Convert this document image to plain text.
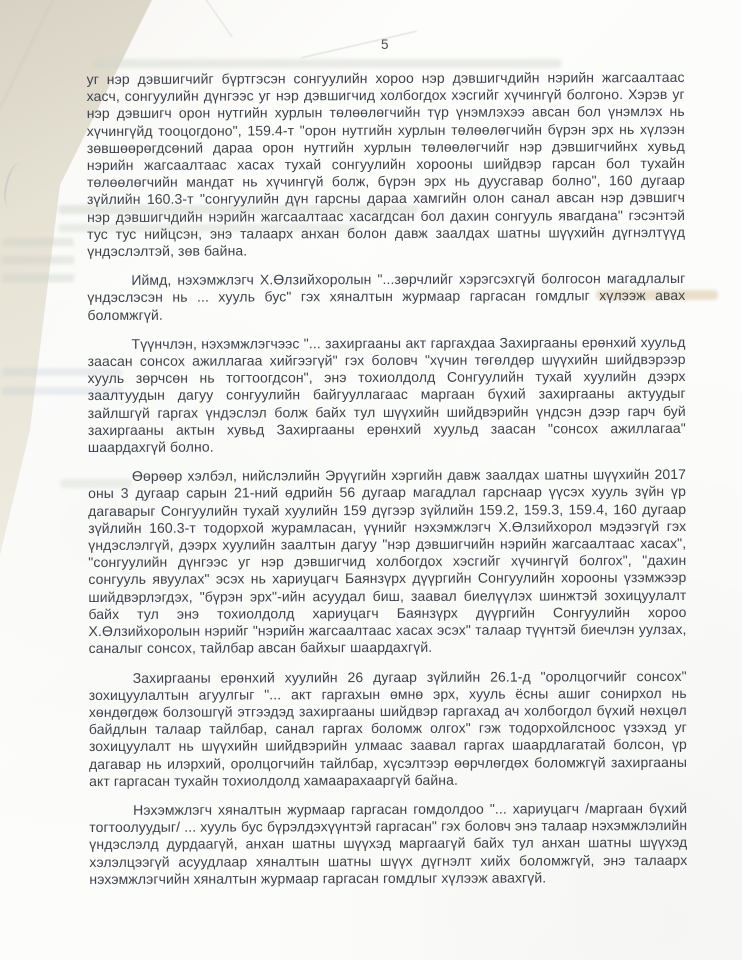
5

уг нэр дэвшигчийг бүртгэсэн сонгуулийн хороо нэр дэвшигчдийн нэрийн жагсаалтаас хасч, сонгуулийн дүнгээс уг нэр дэвшигчид холбогдох хэсгийг хүчингүй болгоно. Хэрэв уг нэр дэвшигч орон нутгийн хурлын төлөөлөгчийн түр үнэмлэхээ авсан бол үнэмлэх нь хүчингүйд тооцогдоно", 159.4-т "орон нутгийн хурлын төлөөлөгчийн бүрэн эрх нь хүлээн зөвшөөрөгдсөний дараа орон нутгийн хурлын төлөөлөгчийг нэр дэвшигчийнх хувьд нэрийн жагсаалтаас хасах тухай сонгуулийн хорооны шийдвэр гарсан бол тухайн төлөөлөгчийн мандат нь хүчингүй болж, бүрэн эрх нь дуусгавар болно", 160 дугаар зүйлийн 160.3-т "сонгуулийн дүн гарсны дараа хамгийн олон санал авсан нэр дэвшигч нэр дэвшигчдийн нэрийн жагсаалтаас хасагдсан бол дахин сонгууль явагдана" гэсэнтэй тус тус нийцсэн, энэ талаарх анхан болон давж заалдах шатны шүүхийн дүгнэлтүүд үндэслэлтэй, зөв байна.

Иймд, нэхэмжлэгч Х.Өлзийхоролын "...зөрчлийг хэрэгсэхгүй болгосон магадлалыг үндэслэсэн нь ... хууль бус" гэх хяналтын журмаар гаргасан гомдлыг хүлээж авах боломжгүй.

Түүнчлэн, нэхэмжлэгчээс "... захиргааны акт гаргахдаа Захиргааны ерөнхий хуульд заасан сонсох ажиллагаа хийгээгүй" гэх боловч "хүчин төгөлдөр шүүхийн шийдвэрээр хууль зөрчсөн нь тогтоогдсон", энэ тохиолдолд Сонгуулийн тухай хуулийн дээрх заалтуудын дагуу сонгуулийн байгууллагаас маргаан бүхий захиргааны актуудыг зайлшгүй гаргах үндэслэл болж байх тул шүүхийн шийдвэрийн үндсэн дээр гарч буй захиргааны актын хувьд Захиргааны ерөнхий хуульд заасан "сонсох ажиллагаа" шаардахгүй болно.

Өөрөөр хэлбэл, нийслэлийн Эрүүгийн хэргийн давж заалдах шатны шүүхийн 2017 оны 3 дугаар сарын 21-ний өдрийн 56 дугаар магадлал гарснаар үүсэх хууль зүйн үр дагаварыг Сонгуулийн тухай хуулийн 159 дүгээр зүйлийн 159.2, 159.3, 159.4, 160 дугаар зүйлийн 160.3-т тодорхой журамласан, үүнийг нэхэмжлэгч Х.Өлзийхорол мэдээгүй гэх үндэслэлгүй, дээрх хуулийн заалтын дагуу "нэр дэвшигчийн нэрийн жагсаалтаас хасах", "сонгуулийн дүнгээс уг нэр дэвшигчид холбогдох хэсгийг хүчингүй болгох", "дахин сонгууль явуулах" эсэх нь хариуцагч Баянзүрх дүүргийн Сонгуулийн хорооны үзэмжээр шийдвэрлэгдэх, "бүрэн эрх"-ийн асуудал биш, заавал биелүүлэх шинжтэй зохицуулалт байх тул энэ тохиолдолд хариуцагч Баянзүрх дүүргийн Сонгуулийн хороо Х.Өлзийхоролын нэрийг "нэрийн жагсаалтаас хасах эсэх" талаар түүнтэй биечлэн уулзах, саналыг сонсох, тайлбар авсан байхыг шаардахгүй.

Захиргааны ерөнхий хуулийн 26 дугаар зүйлийн 26.1-д "оролцогчийг сонсох" зохицуулалтын агуулгыг "... акт гаргахын өмнө эрх, хууль ёсны ашиг сонирхол нь хөндөгдөж болзошгүй этгээдэд захиргааны шийдвэр гаргахад ач холбогдол бүхий нөхцөл байдлын талаар тайлбар, санал гаргах боломж олгох" гэж тодорхойлсноос үзэхэд уг зохицуулалт нь шүүхийн шийдвэрийн улмаас заавал гаргах шаардлагатай болсон, үр дагавар нь илэрхий, оролцогчийн тайлбар, хүсэлтээр өөрчлөгдөх боломжгүй захиргааны акт гаргасан тухайн тохиолдолд хамаарахааргүй байна.

Нэхэмжлэгч хяналтын журмаар гаргасан гомдолдоо "... хариуцагч /маргаан бүхий тогтоолуудыг/ ... хууль бус бүрэлдэхүүнтэй гаргасан" гэх боловч энэ талаар нэхэмжлэлийн үндэслэлд дурдаагүй, анхан шатны шүүхэд маргаагүй байх тул анхан шатны шүүхэд хэлэлцээгүй асуудлаар хяналтын шатны шүүх дүгнэлт хийх боломжгүй, энэ талаарх нэхэмжлэгчийн хяналтын журмаар гаргасан гомдлыг хүлээж авахгүй.
